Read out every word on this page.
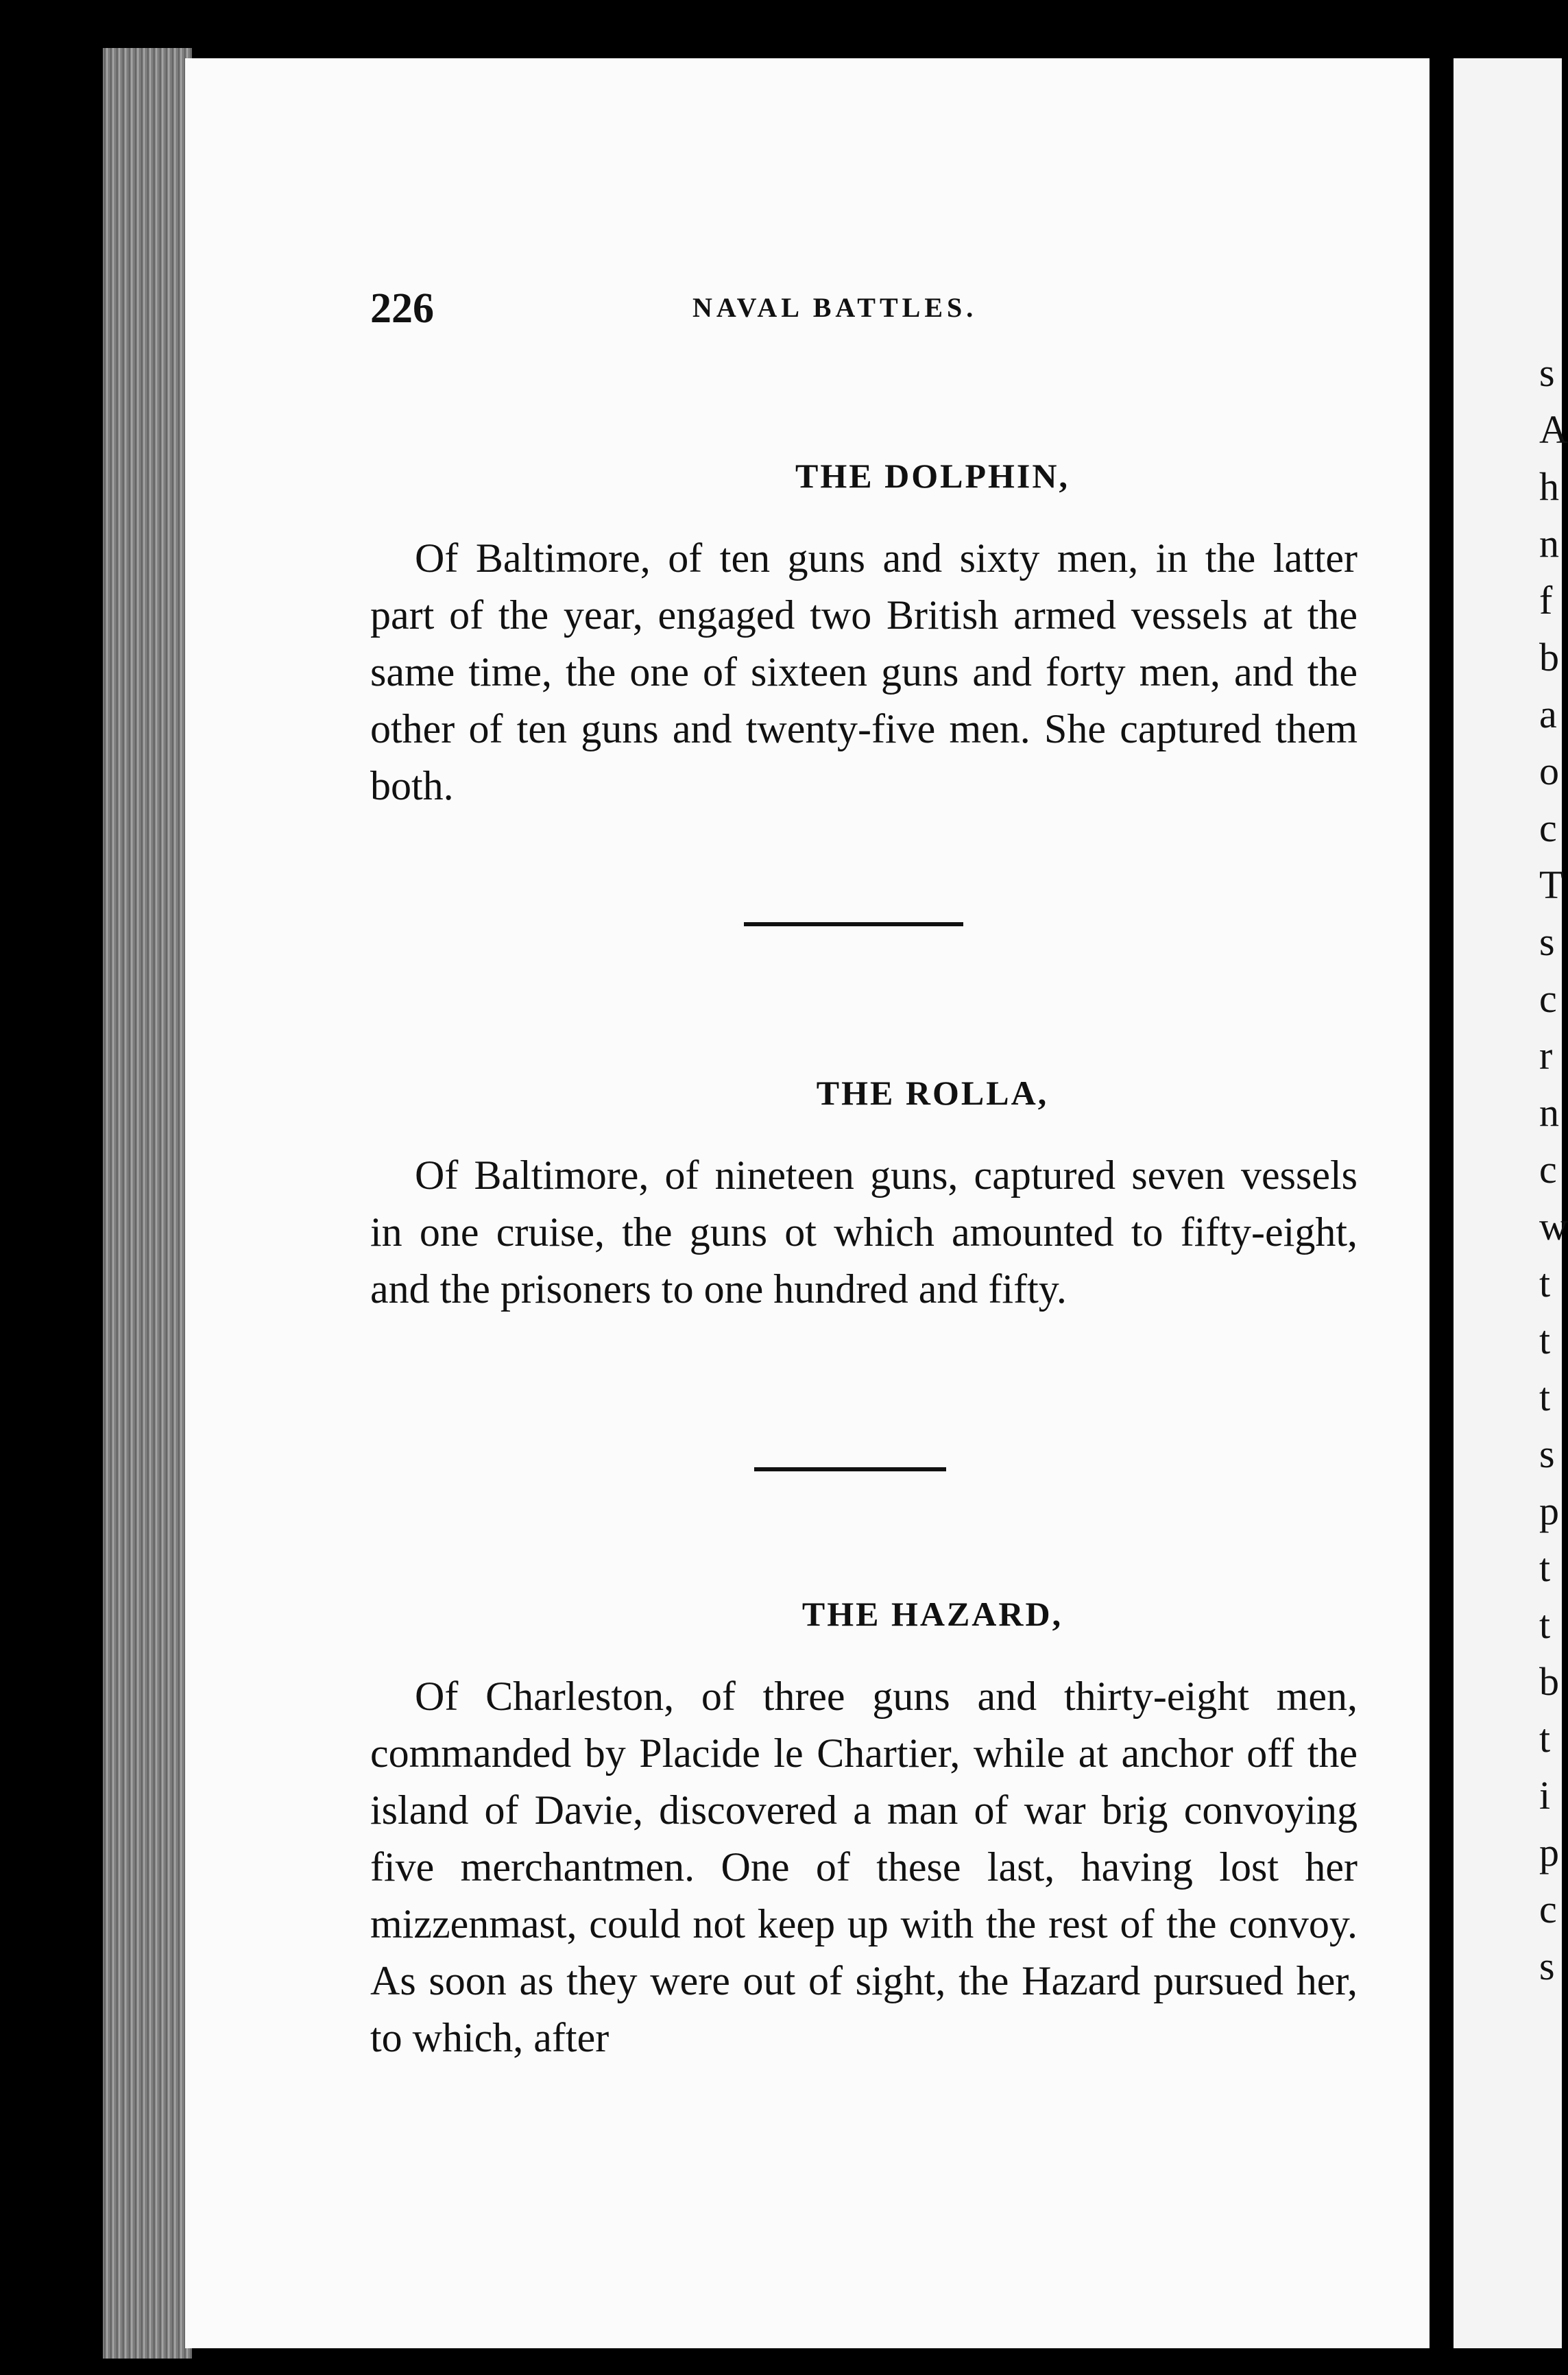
s
A
h
n
f
b
a
o
c
T
s
c
r
n
c
w
t
t
t
s
p
t
t
b
t
i
p
c
s
226	NAVAL BATTLES.
THE DOLPHIN,

Of Baltimore, of ten guns and sixty men, in the latter part of the year, engaged two British armed vessels at the same time, the one of sixteen guns and forty men, and the other of ten guns and twenty-five men. She captured them both.

THE ROLLA,

Of Baltimore, of nineteen guns, captured seven vessels in one cruise, the guns ot which amounted to fifty-eight, and the prisoners to one hundred and fifty.

THE HAZARD,

Of Charleston, of three guns and thirty-eight men, commanded by Placide le Chartier, while at anchor off the island of Davie, discovered a man of war brig convoying five merchantmen. One of these last, having lost her mizzenmast, could not keep up with the rest of the convoy. As soon as they were out of sight, the Hazard pursued her, to which, after
